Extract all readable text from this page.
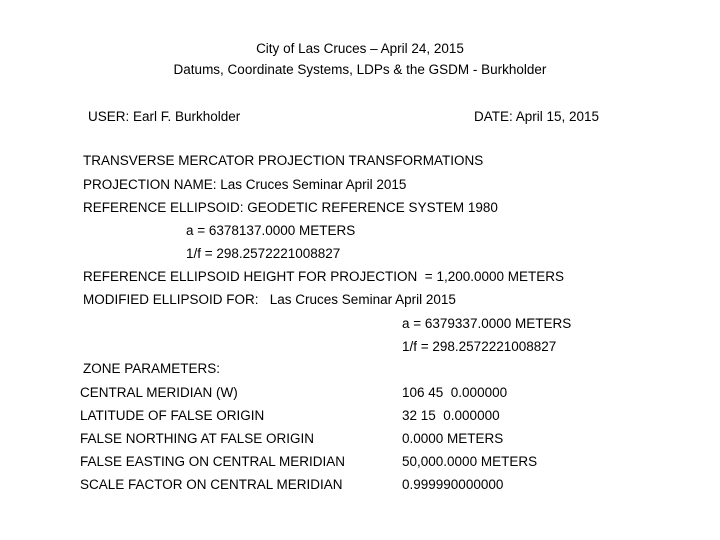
City of Las Cruces – April 24, 2015
Datums, Coordinate Systems, LDPs & the GSDM - Burkholder
USER: Earl F. Burkholder	DATE: April 15, 2015
TRANSVERSE MERCATOR PROJECTION TRANSFORMATIONS
PROJECTION NAME: Las Cruces Seminar April 2015
REFERENCE ELLIPSOID: GEODETIC REFERENCE SYSTEM 1980
a = 6378137.0000 METERS
1/f = 298.2572221008827
REFERENCE ELLIPSOID HEIGHT FOR PROJECTION  = 1,200.0000 METERS
MODIFIED ELLIPSOID FOR:   Las Cruces Seminar April 2015
a = 6379337.0000 METERS
1/f = 298.2572221008827
ZONE PARAMETERS:
CENTRAL MERIDIAN (W)	106 45  0.000000
LATITUDE OF FALSE ORIGIN	32 15  0.000000
FALSE NORTHING AT FALSE ORIGIN	0.0000 METERS
FALSE EASTING ON CENTRAL MERIDIAN	50,000.0000 METERS
SCALE FACTOR ON CENTRAL MERIDIAN	0.999990000000
